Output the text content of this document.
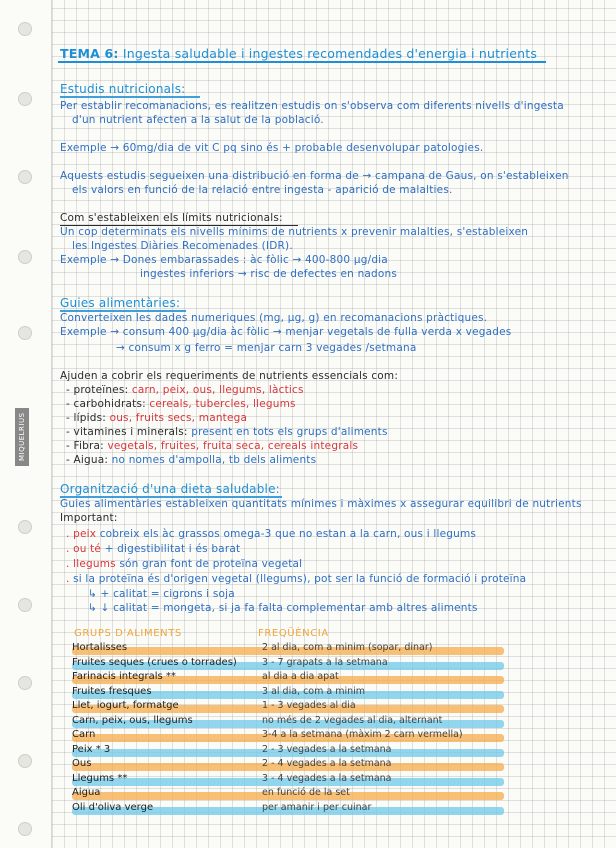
MIQUELRIUS
TEMA 6: Ingesta saludable i ingestes recomendades d'energia i nutrients
Estudis nutricionals:
Per establir recomanacions, es realitzen estudis on s'observa com diferents nivells d'ingesta
d'un nutrient afecten a la salut de la població.
Exemple → 60mg/dia de vit C pq sino és + probable desenvolupar patologies.
Aquests estudis segueixen una distribució en forma de → campana de Gaus, on s'estableixen
els valors en funció de la relació entre ingesta - aparició de malalties.
Com s'estableixen els límits nutricionals:
Un cop determinats els nivells mínims de nutrients x prevenir malalties, s'estableixen
les Ingestes Diàries Recomenades (IDR).
Exemple → Dones embarassades : àc fòlic → 400-800 μg/dia
ingestes inferiors → risc de defectes en nadons
Guies alimentàries:
Converteixen les dades numeriques (mg, μg, g) en recomanacions pràctiques.
Exemple → consum 400 μg/dia àc fòlic → menjar vegetals de fulla verda x vegades
→ consum x g ferro = menjar carn 3 vegades /setmana
Ajuden a cobrir els requeriments de nutrients essencials com:
- proteïnes: carn, peix, ous, llegums, làctics
- carbohidrats: cereals, tubercles, llegums
- lípids: ous, fruits secs, mantega
- vitamines i minerals: present en tots els grups d'aliments
- Fibra: vegetals, fruites, fruita seca, cereals integrals
- Aigua: no nomes d'ampolla, tb dels aliments
Organització d'una dieta saludable:
Guies alimentàries estableixen quantitats mínimes i màximes x assegurar equilibri de nutrients
Important:
. peix cobreix els àc grassos omega-3 que no estan a la carn, ous i llegums
. ou té + digestibilitat i és barat
. llegums són gran font de proteïna vegetal
. si la proteïna és d'origen vegetal (llegums), pot ser la funció de formació i proteïna
↳ + calitat = cigrons i soja
↳ ↓ calitat = mongeta, si ja fa falta complementar amb altres aliments
GRUPS D'ALIMENTS	FREQÜÈNCIA
Hortalisses	2 al dia, com a minim (sopar, dinar)
Fruites seques (crues o torrades)	3 - 7 grapats a la setmana
Farinacis integrals **	al dia a dia apat
Fruites fresques	3 al dia, com a minim
Llet, iogurt, formatge	1 - 3 vegades al dia
Carn, peix, ous, llegums	no més de 2 vegades al dia, alternant
Carn	3-4 a la setmana (màxim 2 carn vermella)
Peix * 3	2 - 3 vegades a la setmana
Ous	2 - 4 vegades a la setmana
Llegums **	3 - 4 vegades a la setmana
Aigua	en funció de la set
Oli d'oliva verge	per amanir i per cuinar
